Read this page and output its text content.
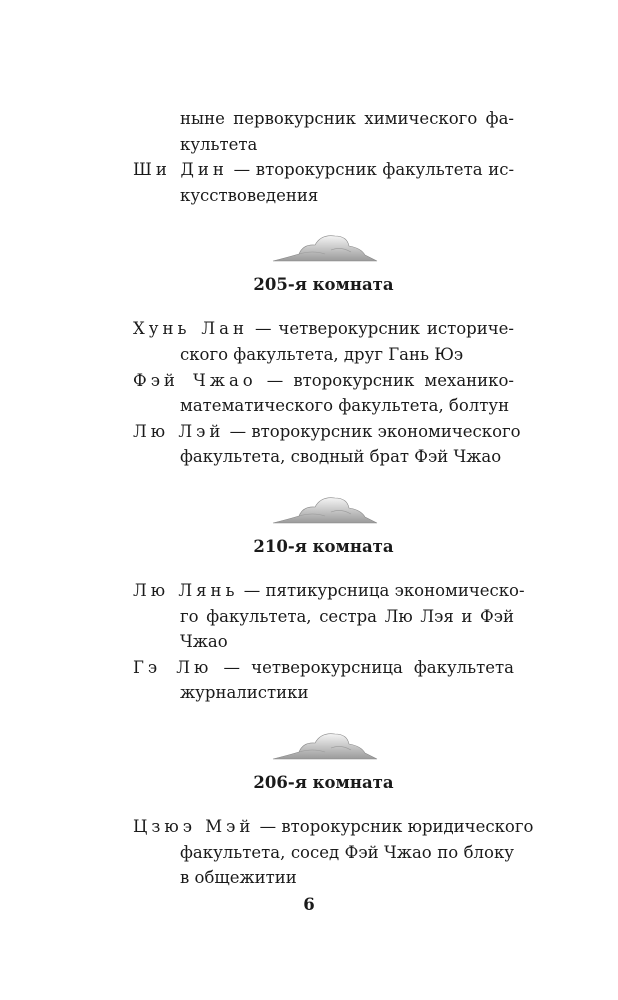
ныне первокурсник химического фа-
культета
Ши Дин — второкурсник факультета ис-
кусствоведения
205-я комната
Хунь Лан — четверокурсник историче-
ского факультета, друг Гань Юэ
Фэй Чжао — второкурсник механико-
математического факультета, болтун
Лю Лэй — второкурсник экономического
факультета, сводный брат Фэй Чжао
210-я комната
Лю Лянь — пятикурсница экономическо-
го факультета, сестра Лю Лэя и Фэй
Чжао
Гэ Лю — четверокурсница факультета
журналистики
206-я комната
Цзюэ Мэй — второкурсник юридического
факультета, сосед Фэй Чжао по блоку
в общежитии
6
